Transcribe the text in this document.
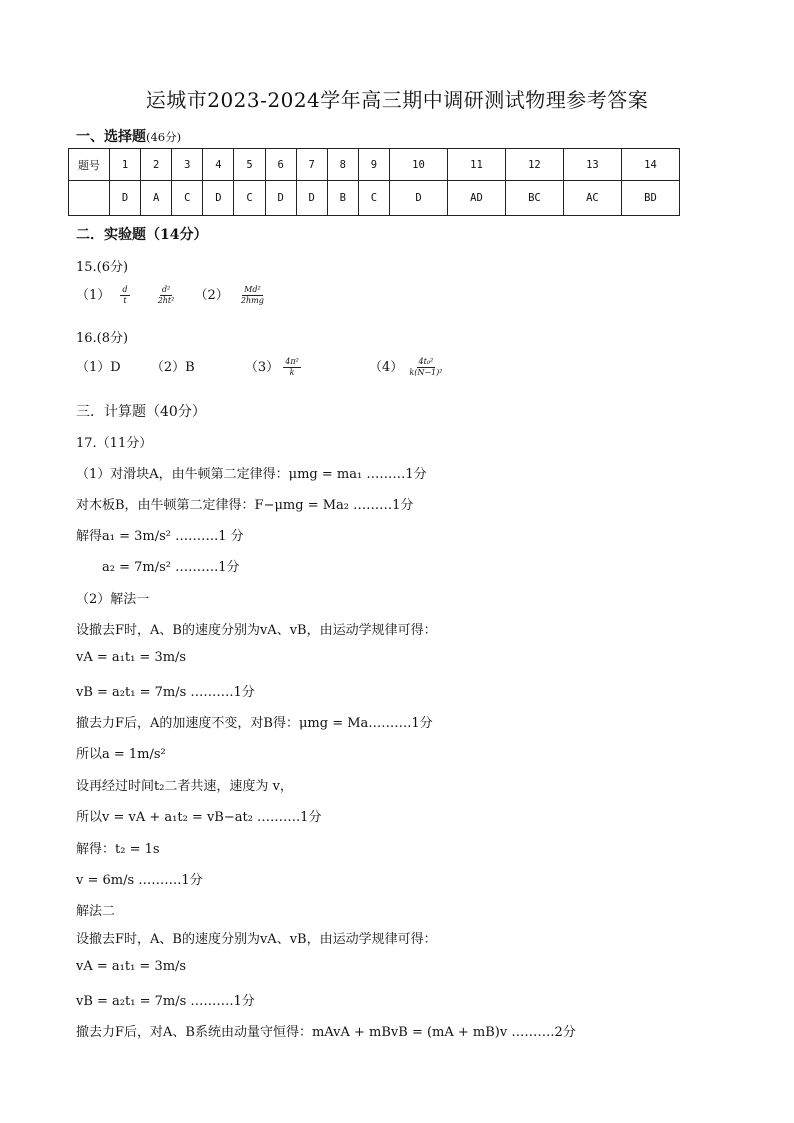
运城市2023-2024学年高三期中调研测试物理参考答案
一、选择题(46分)
题号	1	2	3	4	5	6	7	8	9	10	11	12	13	14
	D	A	C	D	C	D	D	B	C	D	AD	BC	AC	BD
二．实验题（14分）
15.(6分)
$(1) \frac{d}{t}$
	$\frac{\text{d²}}{\text{2ht²}} (2) \frac{\text{Md²}}{\text{2hmg}}$
16.(8分)
（1）D （2）B	$(3) \frac{\text{4π²}}{k}$	$(4) \frac{\text{4t₀²}}{\text{k(N−1)²}}$
三．计算题（40分）
17.（11分）
（1）对滑块A，由牛顿第二定律得：μmg = ma₁ ………1分
对木板B，由牛顿第二定律得：F−μmg = Ma₂ ………1分
解得a₁ = 3m/s² ……….1 分
a₂ = 7m/s² ……….1分
（2）解法一
设撤去F时，A、B的速度分别为vA、vB，由运动学规律可得：
vA = a₁t₁ = 3m/s
vB = a₂t₁ = 7m/s ……….1分
撤去力F后，A的加速度不变，对B得：μmg = Ma……….1分
所以a = 1m/s²
设再经过时间t₂二者共速，速度为 v，
所以v = vA + a₁t₂ = vB−at₂ ……….1分
解得：t₂ = 1s
v = 6m/s ……….1分
解法二
设撤去F时，A、B的速度分别为vA、vB，由运动学规律可得：
vA = a₁t₁ = 3m/s
vB = a₂t₁ = 7m/s ……….1分
撤去力F后，对A、B系统由动量守恒得：mAvA + mBvB = (mA + mB)v ……….2分
